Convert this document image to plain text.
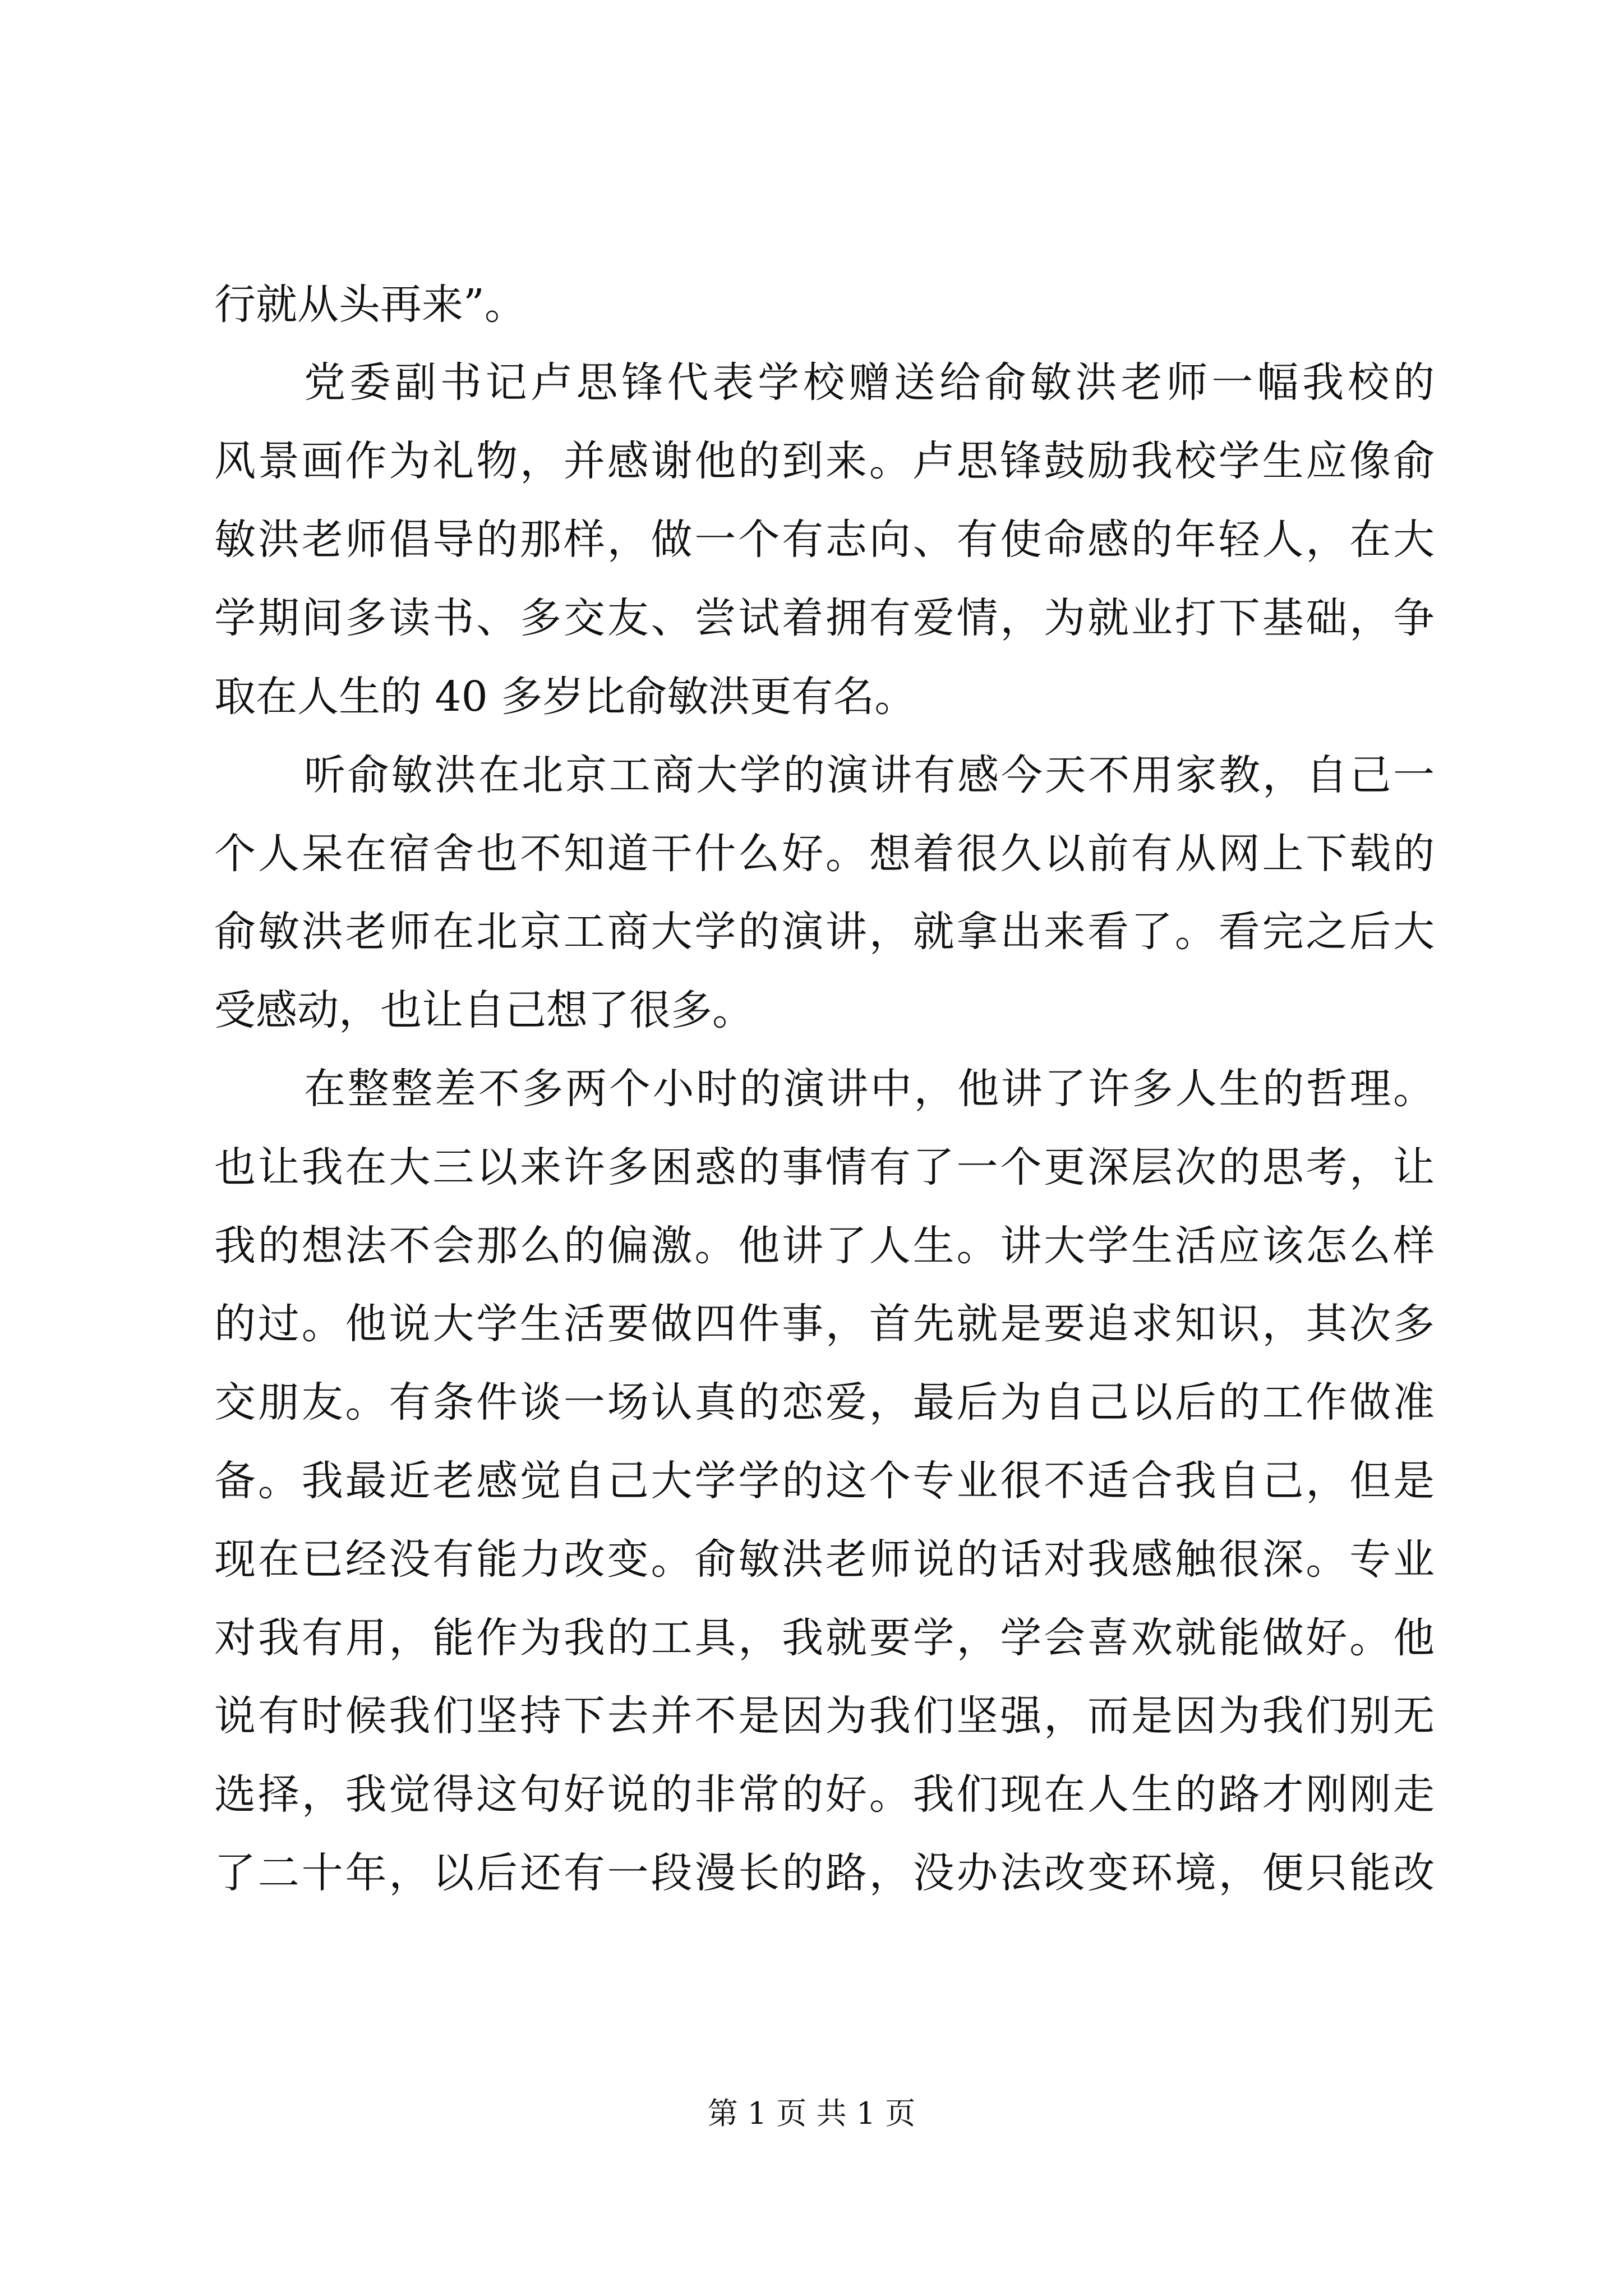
行就从头再来”。
党委副书记卢思锋代表学校赠送给俞敏洪老师一幅我校的
风景画作为礼物，并感谢他的到来。卢思锋鼓励我校学生应像俞
敏洪老师倡导的那样，做一个有志向、有使命感的年轻人，在大
学期间多读书、多交友、尝试着拥有爱情，为就业打下基础，争
取在人生的 40 多岁比俞敏洪更有名。
听俞敏洪在北京工商大学的演讲有感今天不用家教，自己一
个人呆在宿舍也不知道干什么好。想着很久以前有从网上下载的
俞敏洪老师在北京工商大学的演讲，就拿出来看了。看完之后大
受感动，也让自己想了很多。
在整整差不多两个小时的演讲中，他讲了许多人生的哲理。
也让我在大三以来许多困惑的事情有了一个更深层次的思考，让
我的想法不会那么的偏激。他讲了人生。讲大学生活应该怎么样
的过。他说大学生活要做四件事，首先就是要追求知识，其次多
交朋友。有条件谈一场认真的恋爱，最后为自己以后的工作做准
备。我最近老感觉自己大学学的这个专业很不适合我自己，但是
现在已经没有能力改变。俞敏洪老师说的话对我感触很深。专业
对我有用，能作为我的工具，我就要学，学会喜欢就能做好。他
说有时候我们坚持下去并不是因为我们坚强，而是因为我们别无
选择，我觉得这句好说的非常的好。我们现在人生的路才刚刚走
了二十年，以后还有一段漫长的路，没办法改变环境，便只能改
第 1 页 共 1 页
